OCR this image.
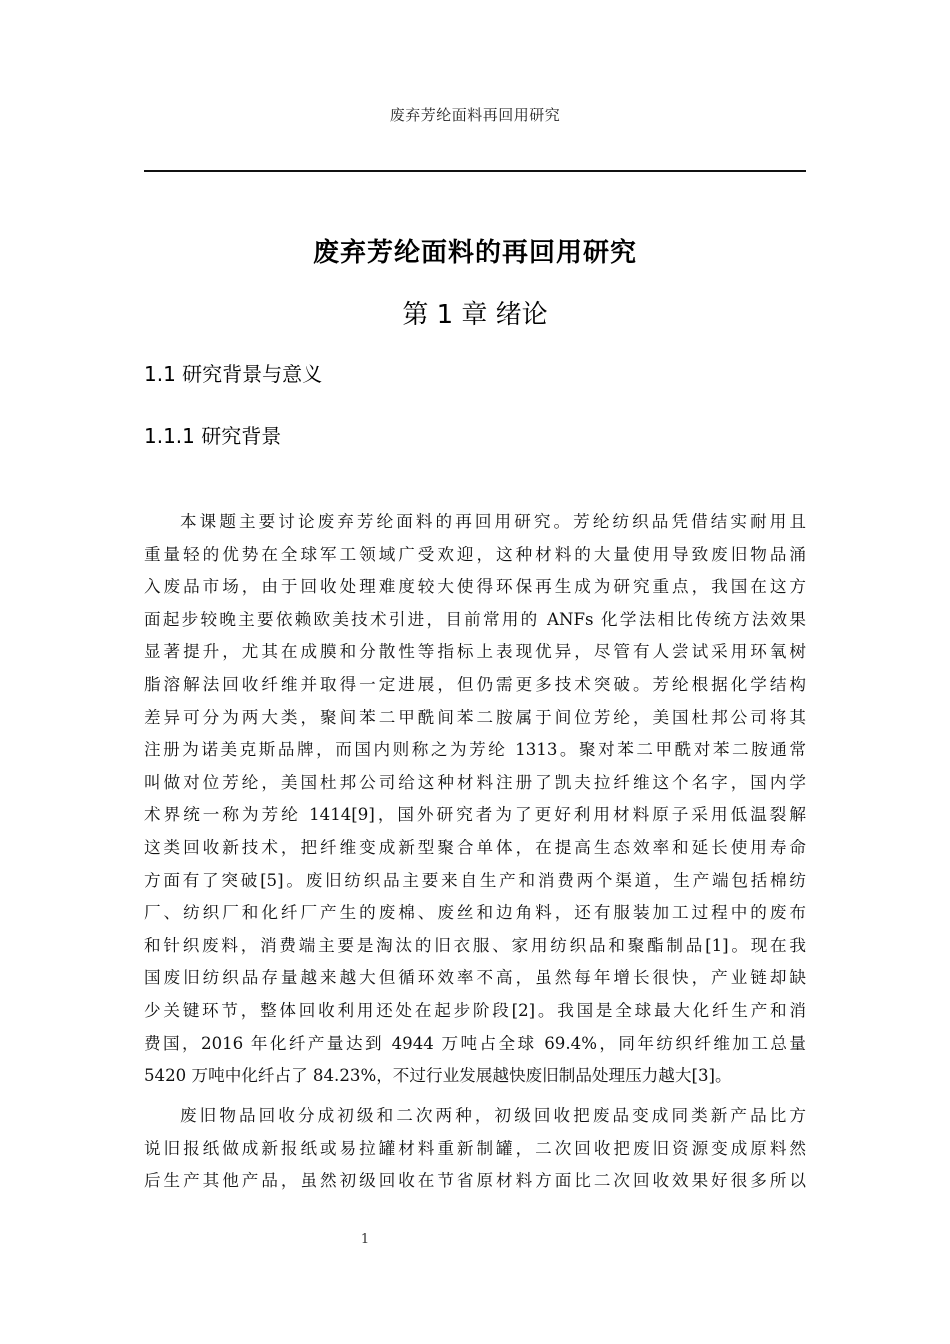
废弃芳纶面料再回用研究
废弃芳纶面料的再回用研究
第 1 章 绪论
1.1 研究背景与意义
1.1.1 研究背景
本课题主要讨论废弃芳纶面料的再回用研究。芳纶纺织品凭借结实耐用且
重量轻的优势在全球军工领域广受欢迎，这种材料的大量使用导致废旧物品涌
入废品市场，由于回收处理难度较大使得环保再生成为研究重点，我国在这方
面起步较晚主要依赖欧美技术引进，目前常用的 ANFs 化学法相比传统方法效果
显著提升，尤其在成膜和分散性等指标上表现优异，尽管有人尝试采用环氧树
脂溶解法回收纤维并取得一定进展，但仍需更多技术突破。芳纶根据化学结构
差异可分为两大类，聚间苯二甲酰间苯二胺属于间位芳纶，美国杜邦公司将其
注册为诺美克斯品牌，而国内则称之为芳纶 1313。聚对苯二甲酰对苯二胺通常
叫做对位芳纶，美国杜邦公司给这种材料注册了凯夫拉纤维这个名字，国内学
术界统一称为芳纶 1414[9]，国外研究者为了更好利用材料原子采用低温裂解
这类回收新技术，把纤维变成新型聚合单体，在提高生态效率和延长使用寿命
方面有了突破[5]。废旧纺织品主要来自生产和消费两个渠道，生产端包括棉纺
厂、纺织厂和化纤厂产生的废棉、废丝和边角料，还有服装加工过程中的废布
和针织废料，消费端主要是淘汰的旧衣服、家用纺织品和聚酯制品[1]。现在我
国废旧纺织品存量越来越大但循环效率不高，虽然每年增长很快，产业链却缺
少关键环节，整体回收利用还处在起步阶段[2]。我国是全球最大化纤生产和消
费国，2016 年化纤产量达到 4944 万吨占全球 69.4%，同年纺织纤维加工总量
5420 万吨中化纤占了 84.23%，不过行业发展越快废旧制品处理压力越大[3]。
废旧物品回收分成初级和二次两种，初级回收把废品变成同类新产品比方
说旧报纸做成新报纸或易拉罐材料重新制罐，二次回收把废旧资源变成原料然
后生产其他产品，虽然初级回收在节省原材料方面比二次回收效果好很多所以
1
